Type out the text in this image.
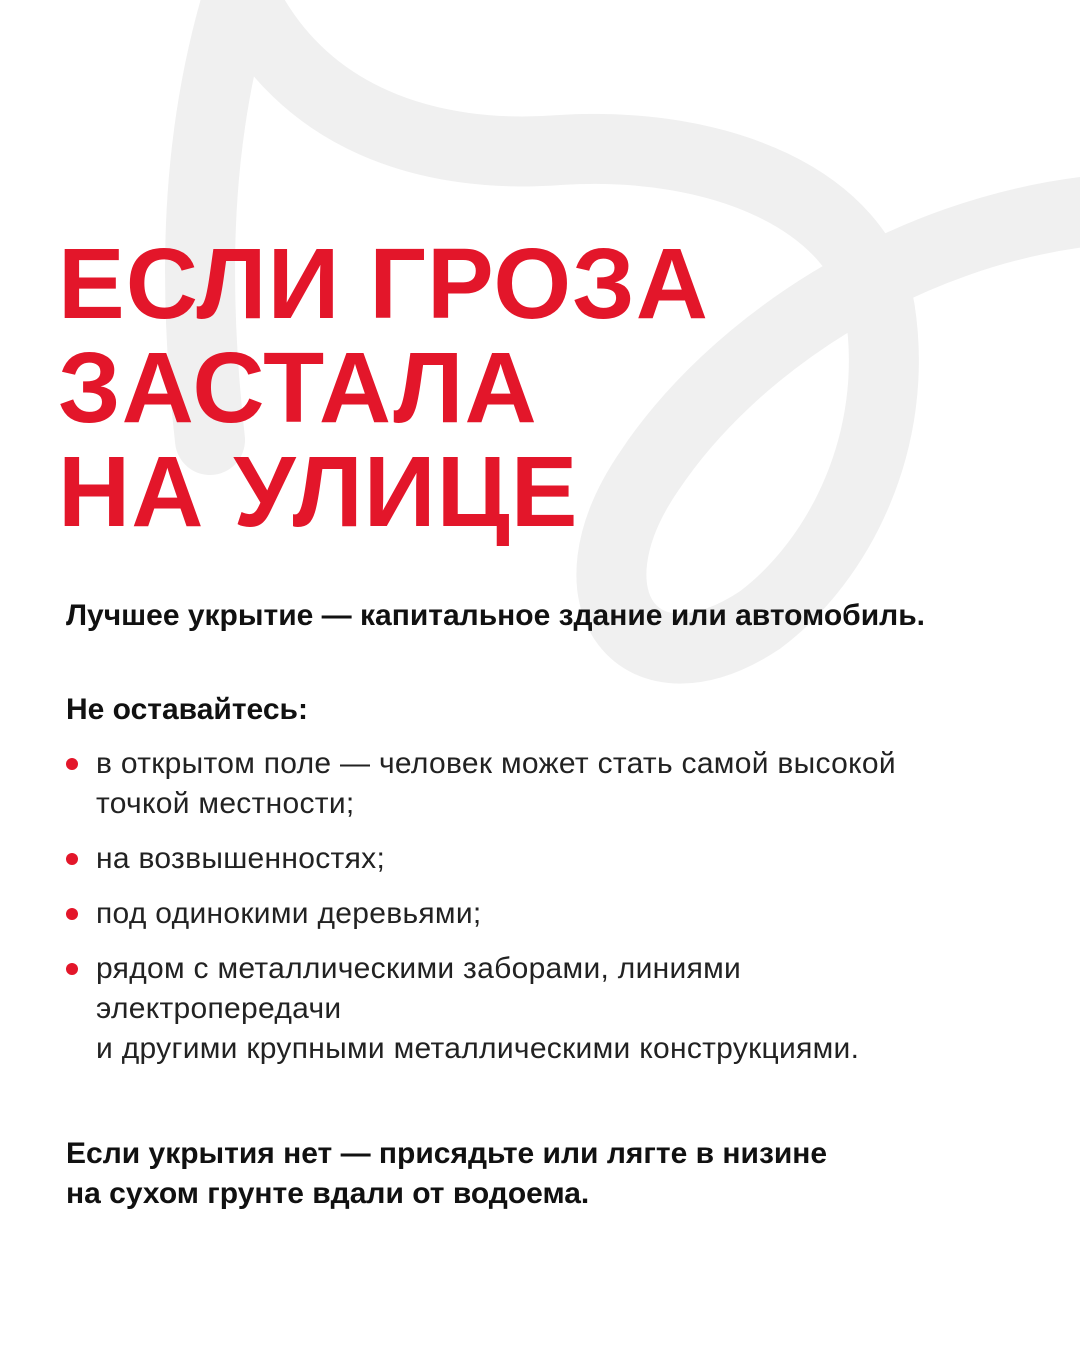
ЕСЛИ ГРОЗА
ЗАСТАЛА
НА УЛИЦЕ

Лучшее укрытие — капитальное здание или автомобиль.

Не оставайтесь:

в открытом поле — человек может стать самой высокой
точкой местности;
на возвышенностях;
под одинокими деревьями;
рядом с металлическими заборами, линиями
электропередачи
и другими крупными металлическими конструкциями.

Если укрытия нет — присядьте или лягте в низине
на сухом грунте вдали от водоема.
